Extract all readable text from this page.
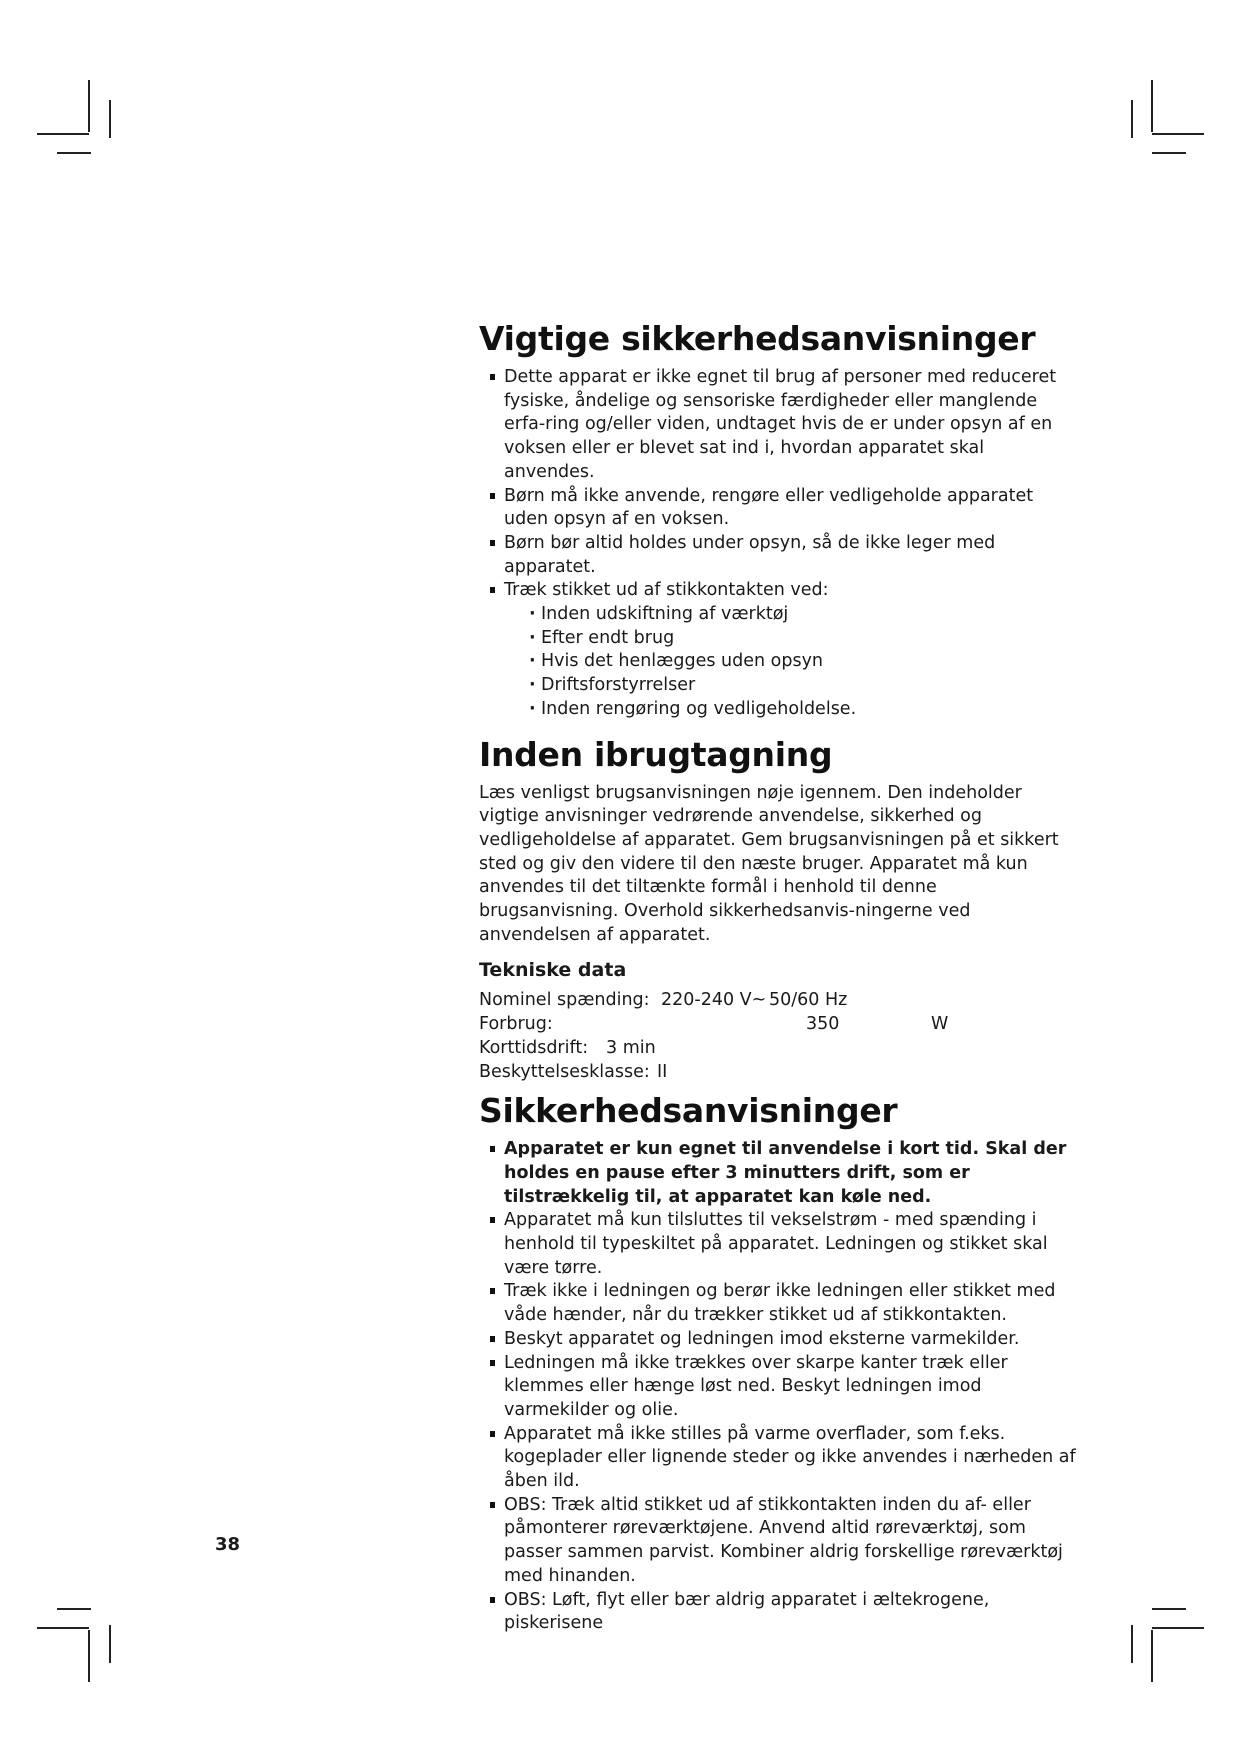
Vigtige sikkerhedsanvisninger
Dette apparat er ikke egnet til brug af personer med reduceret fysiske, åndelige og sensoriske færdigheder eller manglende erfa-ring og/eller viden, undtaget hvis de er under opsyn af en voksen eller er blevet sat ind i, hvordan apparatet skal anvendes.
Børn må ikke anvende, rengøre eller vedligeholde apparatet uden opsyn af en voksen.
Børn bør altid holdes under opsyn, så de ikke leger med apparatet.
Træk stikket ud af stikkontakten ved:
· Inden udskiftning af værktøj
· Efter endt brug
· Hvis det henlægges uden opsyn
· Driftsforstyrrelser
· Inden rengøring og vedligeholdelse.
Inden ibrugtagning
Læs venligst brugsanvisningen nøje igennem. Den indeholder vigtige anvisninger vedrørende anvendelse, sikkerhed og vedligeholdelse af apparatet. Gem brugsanvisningen på et sikkert sted og giv den videre til den næste bruger. Apparatet må kun anvendes til det tiltænkte formål i henhold til denne brugsanvisning. Overhold sikkerhedsanvis-ningerne ved anvendelsen af apparatet.
Tekniske data
Nominel spænding: 220-240 V~ 50/60 Hz
Forbrug:	350	W
Korttidsdrift: 3 min
Beskyttelsesklasse: II
Sikkerhedsanvisninger
Apparatet er kun egnet til anvendelse i kort tid. Skal der holdes en pause efter 3 minutters drift, som er tilstrækkelig til, at apparatet kan køle ned.
Apparatet må kun tilsluttes til vekselstrøm - med spænding i henhold til typeskiltet på apparatet. Ledningen og stikket skal være tørre.
Træk ikke i ledningen og berør ikke ledningen eller stikket med våde hænder, når du trækker stikket ud af stikkontakten.
Beskyt apparatet og ledningen imod eksterne varmekilder.
Ledningen må ikke trækkes over skarpe kanter træk eller klemmes eller hænge løst ned. Beskyt ledningen imod varmekilder og olie.
Apparatet må ikke stilles på varme overflader, som f.eks. kogeplader eller lignende steder og ikke anvendes i nærheden af åben ild.
OBS: Træk altid stikket ud af stikkontakten inden du af- eller påmonterer røreværktøjene. Anvend altid røreværktøj, som passer sammen parvist. Kombiner aldrig forskellige røreværktøj med hinanden.
OBS: Løft, flyt eller bær aldrig apparatet i æltekrogene, piskerisene
38
